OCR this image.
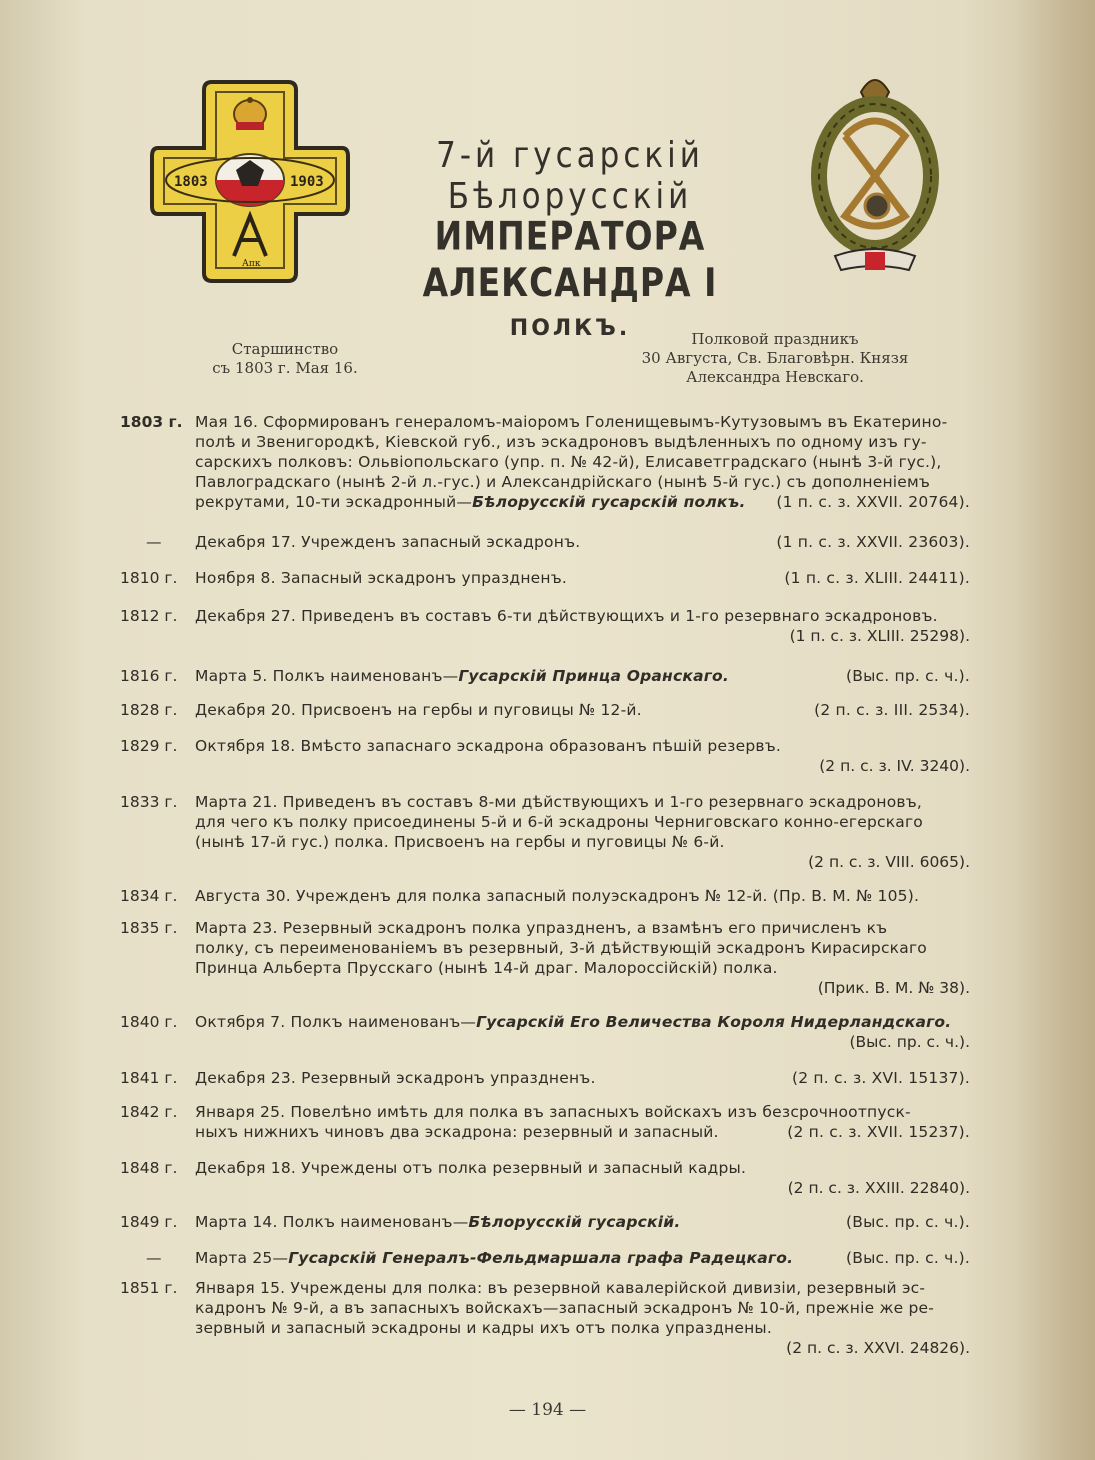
1803	1903
Апк
7-й гусарскій Бѣлорусскій
ИМПЕРАТОРА АЛЕКСАНДРА I
ПОЛКЪ.
Старшинство
съ 1803 г. Мая 16.
Полковой праздникъ
30 Августа, Св. Благовѣрн. Князя
Александра Невскаго.
1803 г. Мая 16. Сформированъ генераломъ-маіоромъ Голенищевымъ-Кутузовымъ въ Екатерино-
полѣ и Звенигородкѣ, Кіевской губ., изъ эскадроновъ выдѣленныхъ по одному изъ гу-
сарскихъ полковъ: Ольвіопольскаго (упр. п. № 42-й), Елисаветградскаго (нынѣ 3-й гус.),
Павлоградскаго (нынѣ 2-й л.-гус.) и Александрійскаго (нынѣ 5-й гус.) съ дополненіемъ
рекрутами, 10-ти эскадронный—Бѣлорусскій гусарскій полкъ. (1 п. с. з. XXVII. 20764).
—	Декабря 17. Учрежденъ запасный эскадронъ.	(1 п. с. з. XXVII. 23603).
1810 г.	Ноября 8. Запасный эскадронъ упраздненъ.	(1 п. с. з. XLIII. 24411).
1812 г.	Декабря 27. Приведенъ въ составъ 6-ти дѣйствующихъ и 1-го резервнаго эскадроновъ.
(1 п. с. з. XLIII. 25298).
1816 г.	Марта 5. Полкъ наименованъ—Гусарскій Принца Оранскаго.	(Выс. пр. с. ч.).
1828 г.	Декабря 20. Присвоенъ на гербы и пуговицы № 12-й.	(2 п. с. з. III. 2534).
1829 г.	Октября 18. Вмѣсто запаснаго эскадрона образованъ пѣшій резервъ.
(2 п. с. з. IV. 3240).
1833 г.	Марта 21. Приведенъ въ составъ 8-ми дѣйствующихъ и 1-го резервнаго эскадроновъ,
для чего къ полку присоединены 5-й и 6-й эскадроны Черниговскаго конно-егерскаго
(нынѣ 17-й гус.) полка. Присвоенъ на гербы и пуговицы № 6-й.
(2 п. с. з. VIII. 6065).
1834 г.	Августа 30. Учрежденъ для полка запасный полуэскадронъ № 12-й. (Пр. В. М. № 105).
1835 г.	Марта 23. Резервный эскадронъ полка упраздненъ, а взамѣнъ его причисленъ къ
полку, съ переименованіемъ въ резервный, 3-й дѣйствующій эскадронъ Кирасирскаго
Принца Альберта Прусскаго (нынѣ 14-й драг. Малороссійскій) полка.
(Прик. В. М. № 38).
1840 г.	Октября 7. Полкъ наименованъ—Гусарскій Его Величества Короля Нидерландскаго.
(Выс. пр. с. ч.).
1841 г.	Декабря 23. Резервный эскадронъ упраздненъ.	(2 п. с. з. XVI. 15137).
1842 г.	Января 25. Повелѣно имѣть для полка въ запасныхъ войскахъ изъ безсрочноотпуск-
ныхъ нижнихъ чиновъ два эскадрона: резервный и запасный.	(2 п. с. з. XVII. 15237).
1848 г.	Декабря 18. Учреждены отъ полка резервный и запасный кадры.
(2 п. с. з. XXIII. 22840).
1849 г.	Марта 14. Полкъ наименованъ—Бѣлорусскій гусарскій.	(Выс. пр. с. ч.).
—	Марта 25—Гусарскій Генералъ-Фельдмаршала графа Радецкаго.	(Выс. пр. с. ч.).
1851 г.	Января 15. Учреждены для полка: въ резервной кавалерійской дивизіи, резервный эс-
кадронъ № 9-й, а въ запасныхъ войскахъ—запасный эскадронъ № 10-й, прежніе же ре-
зервный и запасный эскадроны и кадры ихъ отъ полка упразднены.
(2 п. с. з. XXVI. 24826).
— 194 —
